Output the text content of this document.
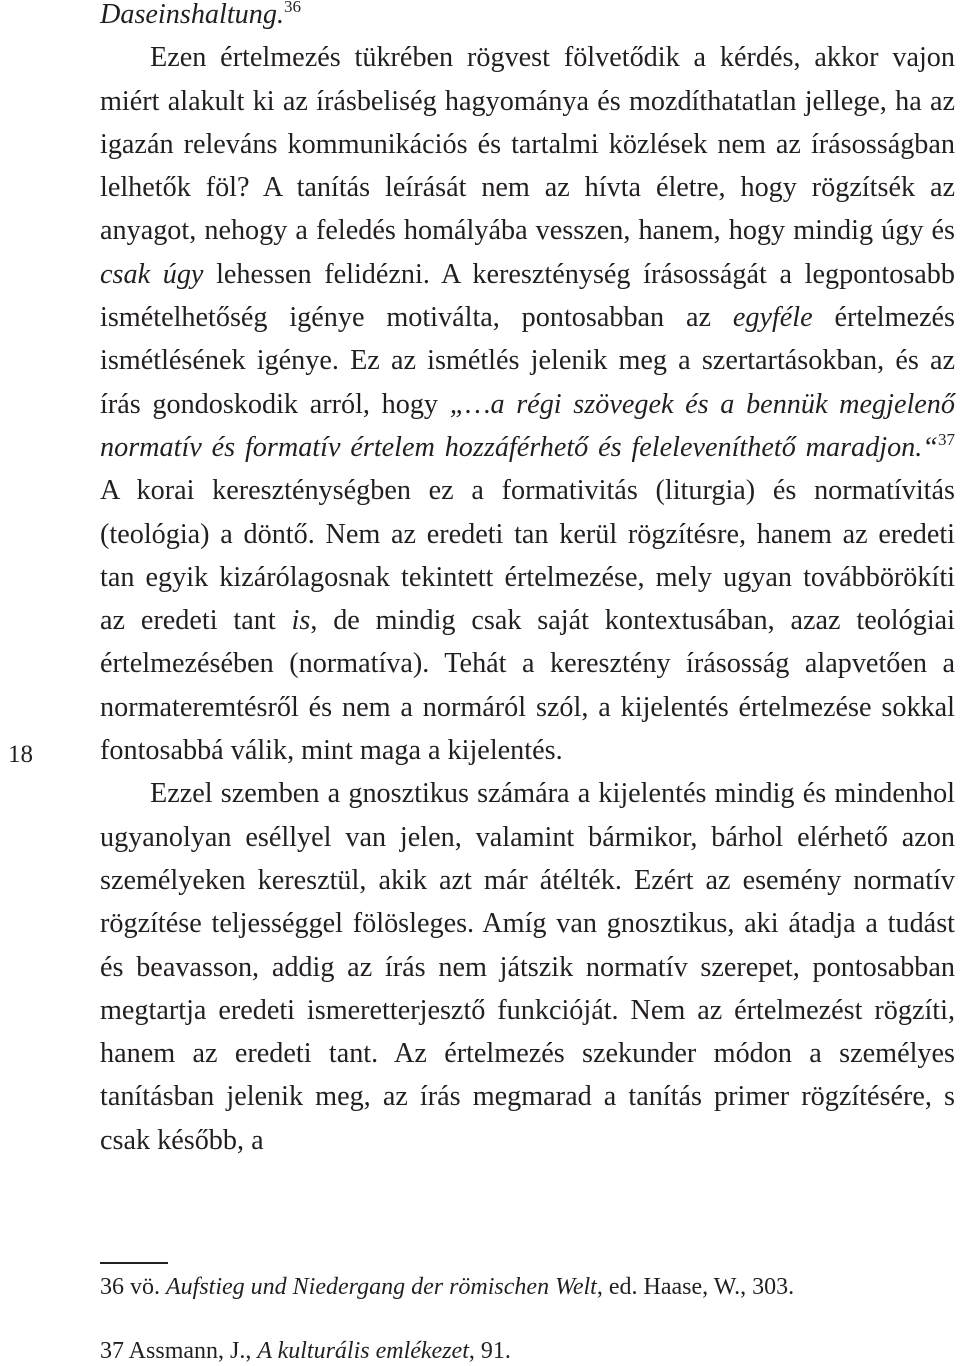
18

Daseinshaltung.$^{36}$

Ezen értelmezés tükrében rögvest fölvetődik a kérdés, akkor vajon miért alakult ki az írásbeliség hagyománya és mozdíthatatlan jellege, ha az igazán releváns kommunikációs és tartalmi közlések nem az írásosságban lelhetők föl? A tanítás leírását nem az hívta életre, hogy rögzítsék az anyagot, nehogy a feledés homályába vesszen, hanem, hogy mindig úgy és csak úgy lehessen felidézni. A kereszténység írásosságát a legpontosabb ismételhetőség igénye motiválta, pontosabban az egyféle értelmezés ismétlésének igénye. Ez az ismétlés jelenik meg a szertartásokban, és az írás gondoskodik arról, hogy „…a régi szövegek és a bennük megjelenő normatív és formatív értelem hozzáférhető és feleleveníthető maradjon.“$^{37}$ A korai kereszténységben ez a formativitás (liturgia) és normatívitás (teológia) a döntő. Nem az eredeti tan kerül rögzítésre, hanem az eredeti tan egyik kizárólagosnak tekintett értelmezése, mely ugyan továbbörökíti az eredeti tant is, de mindig csak saját kontextusában, azaz teológiai értelmezésében (normatíva). Tehát a keresztény írásosság alapvetően a normateremtésről és nem a normáról szól, a kijelentés értelmezése sokkal fontosabbá válik, mint maga a kijelentés.

Ezzel szemben a gnosztikus számára a kijelentés mindig és mindenhol ugyanolyan eséllyel van jelen, valamint bármikor, bárhol elérhető azon személyeken keresztül, akik azt már átélték. Ezért az esemény normatív rögzítése teljességgel fölösleges. Amíg van gnosztikus, aki átadja a tudást és beavasson, addig az írás nem játszik normatív szerepet, pontosabban megtartja eredeti ismeretterjesztő funkcióját. Nem az értelmezést rögzíti, hanem az eredeti tant. Az értelmezés szekunder módon a személyes tanításban jelenik meg, az írás megmarad a tanítás primer rögzítésére, s csak később, a

36 vö. Aufstieg und Niedergang der römischen Welt, ed. Haase, W., 303.
37 Assmann, J., A kulturális emlékezet, 91.
